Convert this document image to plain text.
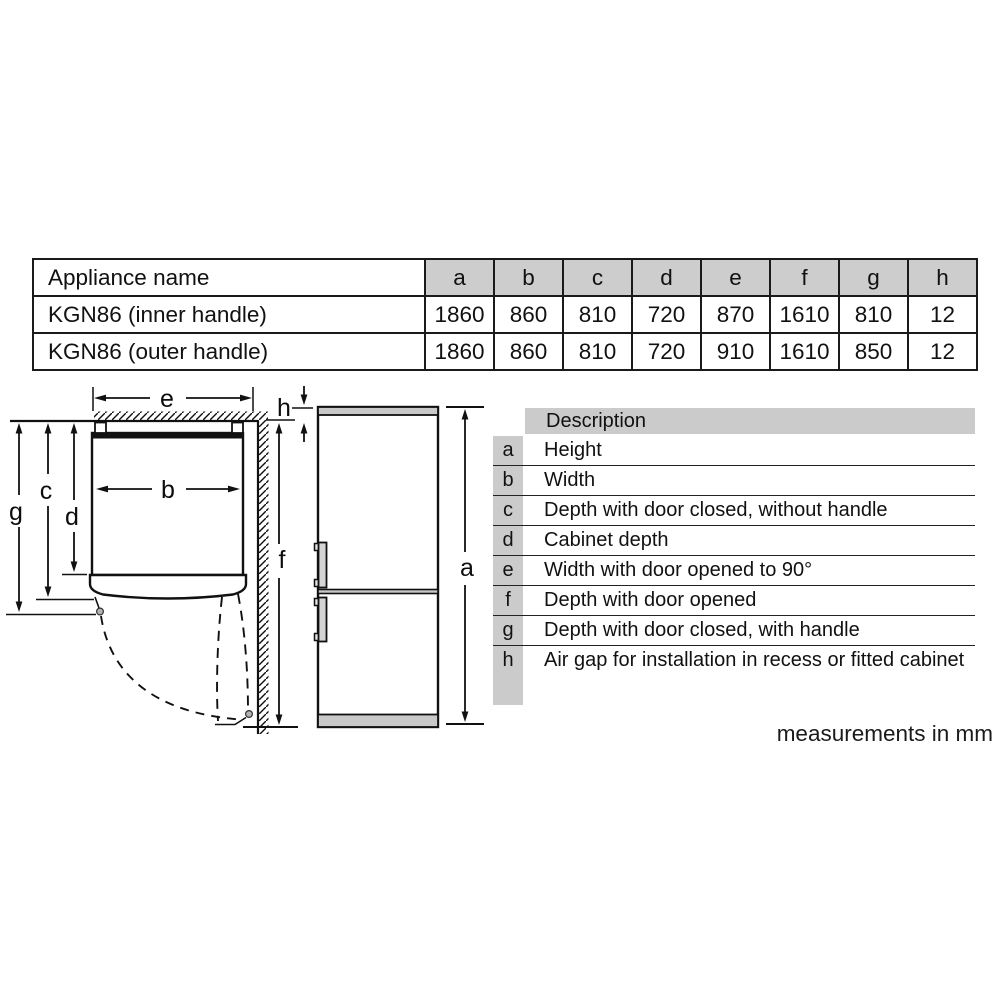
Appliance name	a	b	c	d	e	f	g	h
KGN86 (inner handle)	1860	860	810	720	870	1610	810	12
KGN86 (outer handle)	1860	860	810	720	910	1610	850	12
e	h
b
g
c
d
f	a
Description
a	Height
b	Width
c	Depth with door closed, without handle
d	Cabinet depth
e	Width with door opened to 90°
f	Depth with door opened
g	Depth with door closed, with handle
h	Air gap for installation in recess or fitted cabinet
measurements in mm
